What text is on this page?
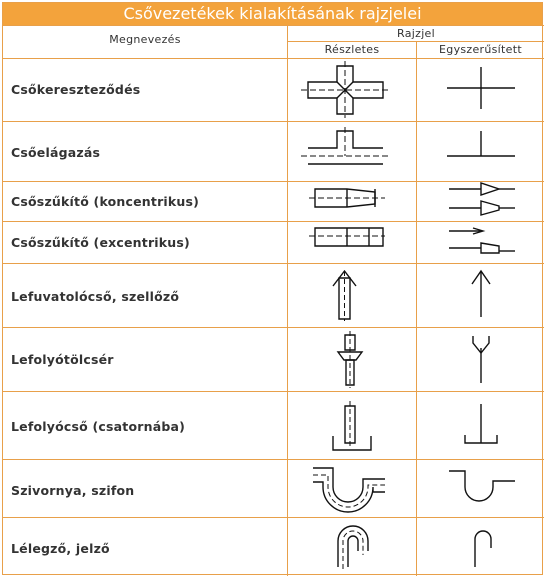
Csővezetékek kialakításának rajzjelei
Megnevezés	Rajzjel
Részletes	Egyszerűsített
Csőkereszteződés
Csőelágazás
Csőszűkítő (koncentrikus)
Csőszűkítő (excentrikus)
Lefuvatolócső, szellőző
Lefolyótölcsér
Lefolyócső (csatornába)
Szivornya, szifon
Lélegző, jelző
